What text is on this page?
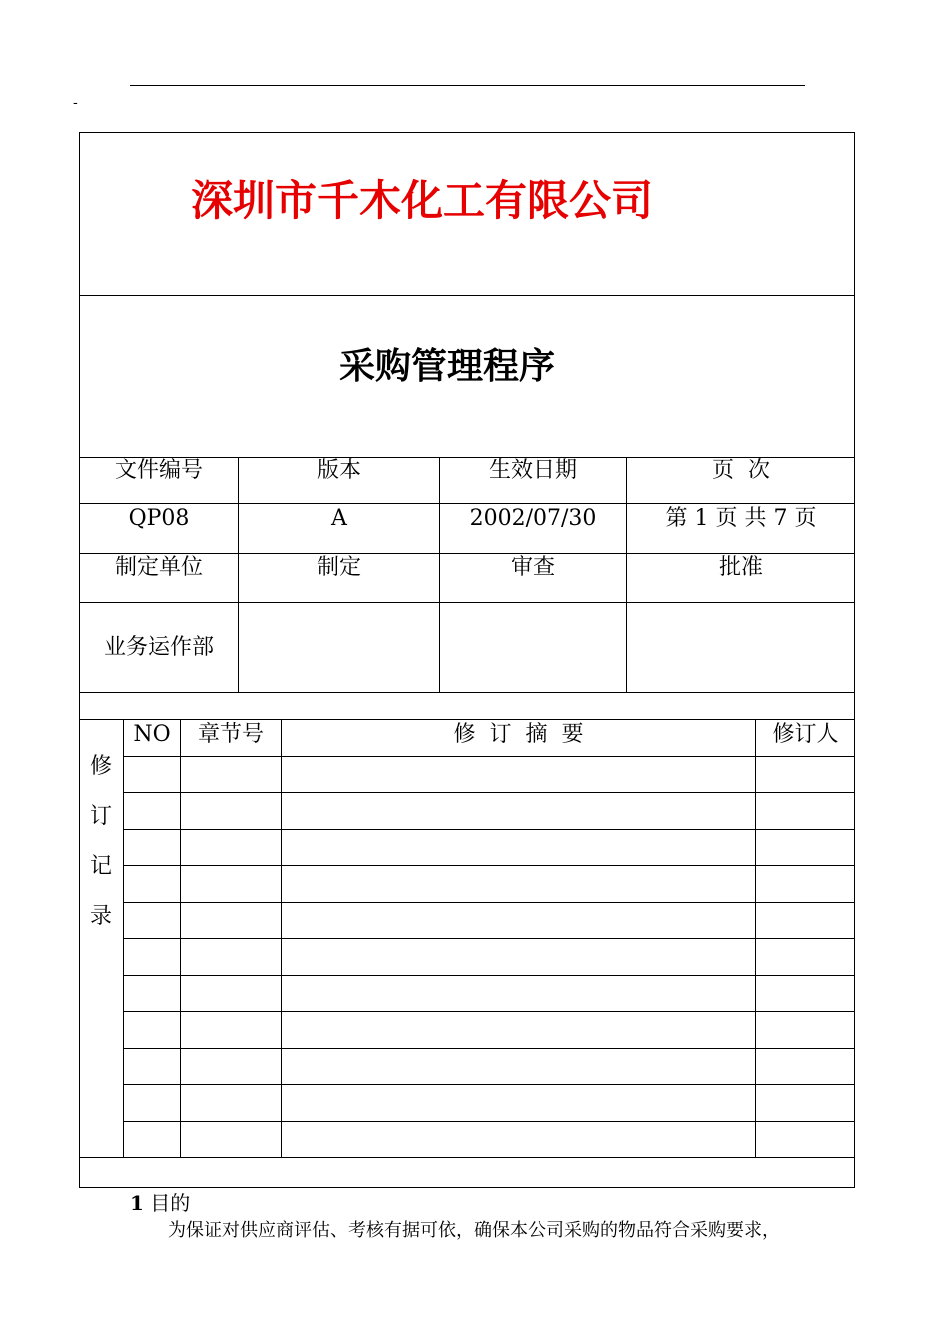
-
深圳市千木化工有限公司
采购管理程序
文件编号	版本	生效日期	页  次
QP08	A	2002/07/30	第 1 页 共 7 页
制定单位	制定	审查	批准
业务运作部
修
订
记
录
NO	章节号	修  订  摘  要	修订人
1 目的
为保证对供应商评估、考核有据可依，确保本公司采购的物品符合采购要求，
